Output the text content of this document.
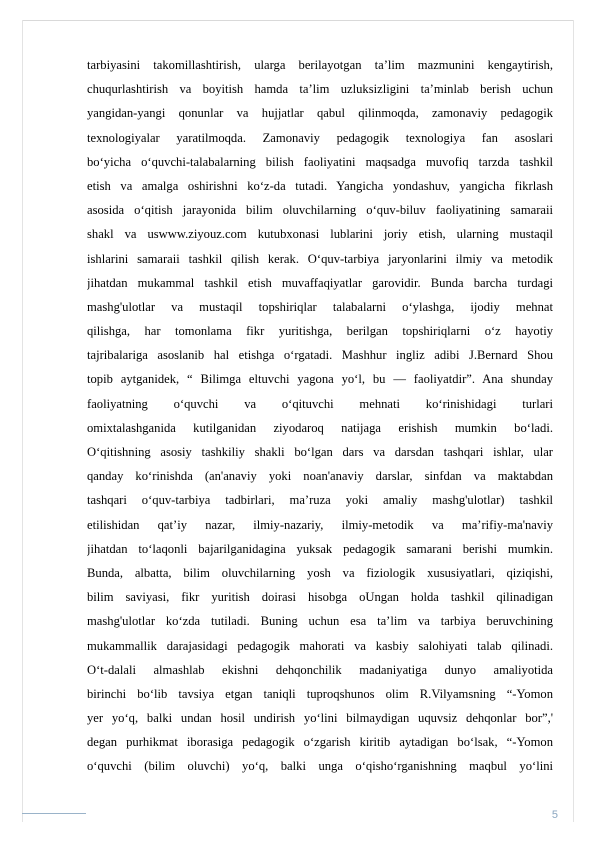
tarbiyasini takomillashtirish, ularga berilayotgan ta’lim mazmunini kengaytirish,
chuqurlashtirish va boyitish hamda ta’lim uzluksizligini ta’minlab berish uchun
yangidan-yangi qonunlar va hujjatlar qabul qilinmoqda, zamonaviy pedagogik
texnologiyalar yaratilmoqda. Zamonaviy pedagogik texnologiya fan asoslari
bo‘yicha o‘quvchi-talabalarning bilish faoliyatini maqsadga muvofiq tarzda tashkil
etish va amalga oshirishni ko‘z-da tutadi. Yangicha yondashuv, yangicha fikrlash
asosida o‘qitish jarayonida bilim oluvchilarning o‘quv-biluv faoliyatining samaraii
shakl va uswww.ziyouz.com kutubxonasi lublarini joriy etish, ularning mustaqil
ishlarini samaraii tashkil qilish kerak. O‘quv-tarbiya jaryonlarini ilmiy va metodik
jihatdan mukammal tashkil etish muvaffaqiyatlar garovidir. Bunda barcha turdagi
mashg'ulotlar va mustaqil topshiriqlar talabalarni o‘ylashga, ijodiy mehnat
qilishga, har tomonlama fikr yuritishga, berilgan topshiriqlarni o‘z hayotiy
tajribalariga asoslanib hal etishga o‘rgatadi. Mashhur ingliz adibi J.Bernard Shou
topib aytganidek, “ Bilimga eltuvchi yagona yo‘l, bu — faoliyatdir”. Ana shunday
faoliyatning o‘quvchi va o‘qituvchi mehnati ko‘rinishidagi turlari
omixtalashganida kutilganidan ziyodaroq natijaga erishish mumkin bo‘ladi.
O‘qitishning asosiy tashkiliy shakli bo‘lgan dars va darsdan tashqari ishlar, ular
qanday ko‘rinishda (an'anaviy yoki noan'anaviy darslar, sinfdan va maktabdan
tashqari o‘quv-tarbiya tadbirlari, ma’ruza yoki amaliy mashg'ulotlar) tashkil
etilishidan qat’iy nazar, ilmiy-nazariy, ilmiy-metodik va ma’rifiy-ma'naviy
jihatdan to‘laqonli bajarilganidagina yuksak pedagogik samarani berishi mumkin.
Bunda, albatta, bilim oluvchilarning yosh va fiziologik xususiyatlari, qiziqishi,
bilim saviyasi, fikr yuritish doirasi hisobga oUngan holda tashkil qilinadigan
mashg'ulotlar ko‘zda tutiladi. Buning uchun esa ta’lim va tarbiya beruvchining
mukammallik darajasidagi pedagogik mahorati va kasbiy salohiyati talab qilinadi.
O‘t-dalali almashlab ekishni dehqonchilik madaniyatiga dunyo amaliyotida
birinchi bo‘lib tavsiya etgan taniqli tuproqshunos olim R.Vilyamsning “-Yomon
yer yo‘q, balki undan hosil undirish yo‘lini bilmaydigan uquvsiz dehqonlar bor”,'
degan purhikmat iborasiga pedagogik o‘zgarish kiritib aytadigan bo‘lsak, “-Yomon
o‘quvchi (bilim oluvchi) yo‘q, balki unga o‘qisho‘rganishning maqbul yo‘lini
5
